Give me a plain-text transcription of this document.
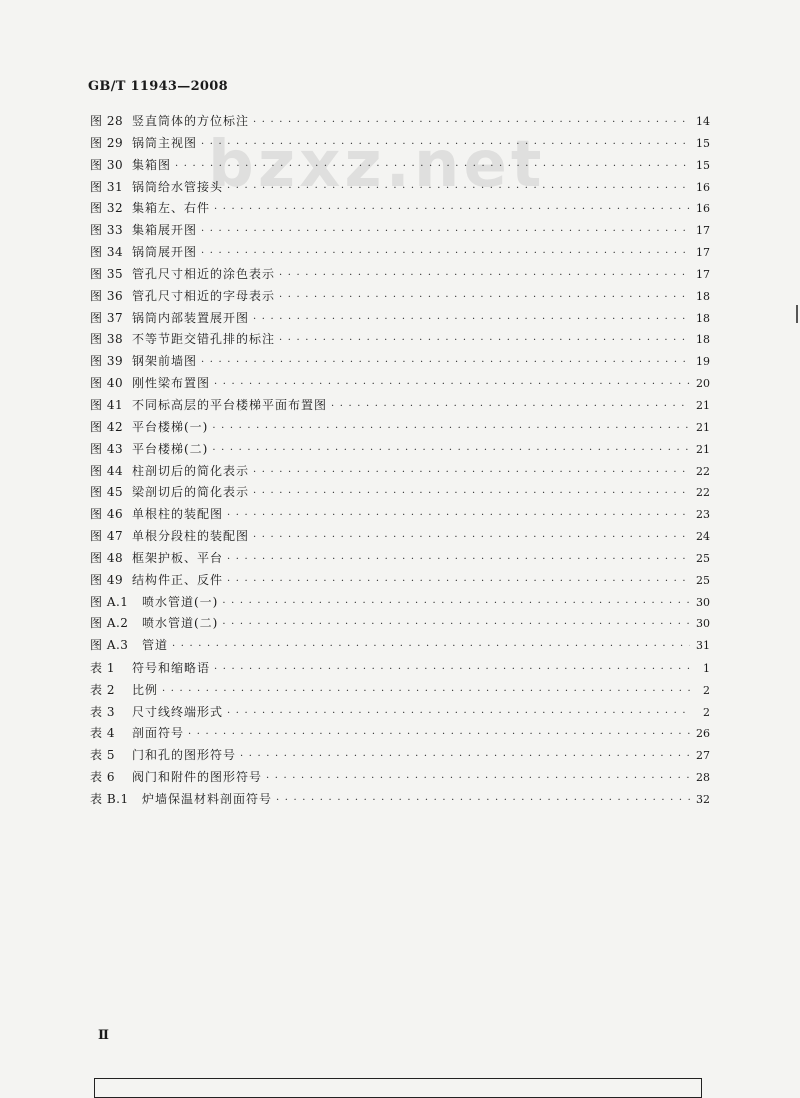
GB/T 11943—2008
bzxz.net
图 28 竖直筒体的方位标注 · · ·	14
图 29 锅筒主视图 · · ·	15
图 30 集箱图 · · ·	15
图 31 锅筒给水管接头 · · ·	16
图 32 集箱左、右件 · · ·	16
图 33 集箱展开图 · · ·	17
图 34 锅筒展开图 · · ·	17
图 35 管孔尺寸相近的涂色表示 · · ·	17
图 36 管孔尺寸相近的字母表示 · · ·	18
图 37 锅筒内部装置展开图 · · ·	18
图 38 不等节距交错孔排的标注 · · ·	18
图 39 钢架前墙图 · · ·	19
图 40 刚性梁布置图 · · ·	20
图 41 不同标高层的平台楼梯平面布置图 · · ·	21
图 42 平台楼梯(一) · · ·	21
图 43 平台楼梯(二) · · ·	21
图 44 柱剖切后的简化表示 · · ·	22
图 45 梁剖切后的简化表示 · · ·	22
图 46 单根柱的装配图 · · ·	23
图 47 单根分段柱的装配图 · · ·	24
图 48 框架护板、平台 · · ·	25
图 49 结构件正、反件 · · ·	25
图 A.1	喷水管道(一) · · ·	30
图 A.2	喷水管道(二) · · ·	30
图 A.3	管道 · · ·	31
表 1	符号和缩略语 · · ·	1
表 2	比例 · · ·	2
表 3	尺寸线终端形式 · · ·	2
表 4	剖面符号 · · ·	26
表 5	门和孔的图形符号 · · ·	27
表 6	阀门和附件的图形符号 · · ·	28
表 B.1	炉墙保温材料剖面符号 · · ·	32
Ⅱ
